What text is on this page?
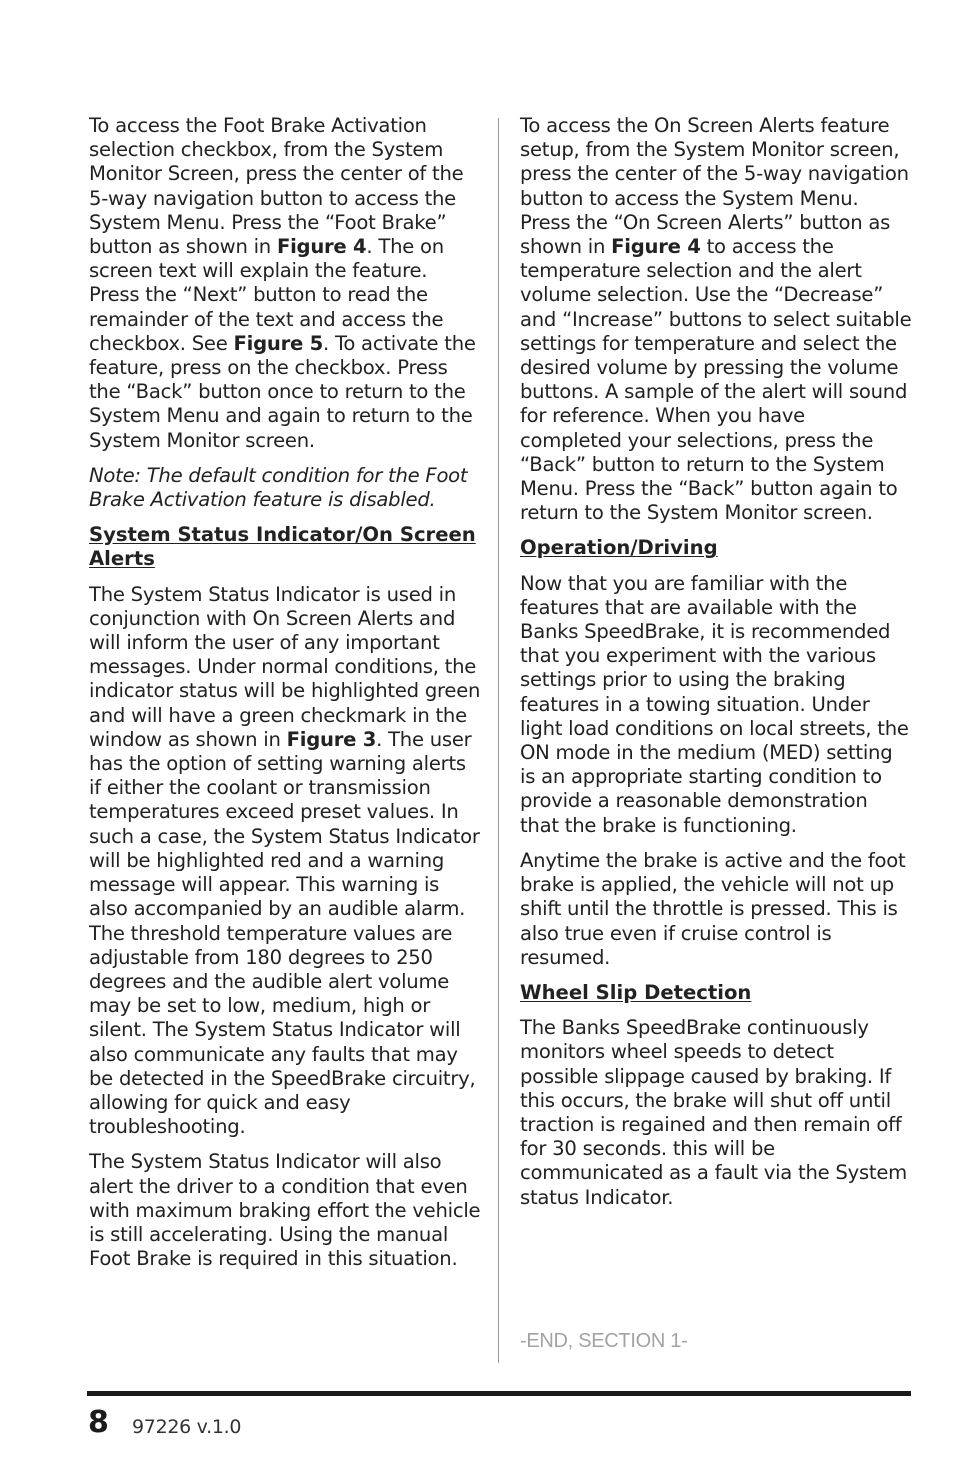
To access the Foot Brake Activation selection checkbox, from the System Monitor Screen, press the center of the 5-way navigation button to access the System Menu. Press the “Foot Brake” button as shown in Figure 4. The on screen text will explain the feature. Press the “Next” button to read the remainder of the text and access the checkbox. See Figure 5. To activate the feature, press on the checkbox. Press the “Back” button once to return to the System Menu and again to return to the System Monitor screen.

Note: The default condition for the Foot Brake Activation feature is disabled.

System Status Indicator/On Screen Alerts

The System Status Indicator is used in conjunction with On Screen Alerts and will inform the user of any important messages. Under normal conditions, the indicator status will be highlighted green and will have a green checkmark in the window as shown in Figure 3. The user has the option of setting warning alerts if either the coolant or transmission temperatures exceed preset values. In such a case, the System Status Indicator will be highlighted red and a warning message will appear. This warning is also accompanied by an audible alarm. The threshold temperature values are adjustable from 180 degrees to 250 degrees and the audible alert volume may be set to low, medium, high or silent. The System Status Indicator will also communicate any faults that may be detected in the SpeedBrake circuitry, allowing for quick and easy troubleshooting.

The System Status Indicator will also alert the driver to a condition that even with maximum braking effort the vehicle is still accelerating. Using the manual Foot Brake is required in this situation.

To access the On Screen Alerts feature setup, from the System Monitor screen, press the center of the 5-way navigation button to access the System Menu. Press the “On Screen Alerts” button as shown in Figure 4 to access the temperature selection and the alert volume selection. Use the “Decrease” and “Increase” buttons to select suitable settings for temperature and select the desired volume by pressing the volume buttons. A sample of the alert will sound for reference. When you have completed your selections, press the “Back” button to return to the System Menu. Press the “Back” button again to return to the System Monitor screen.

Operation/Driving

Now that you are familiar with the features that are available with the Banks SpeedBrake, it is recommended that you experiment with the various settings prior to using the braking features in a towing situation. Under light load conditions on local streets, the ON mode in the medium (MED) setting is an appropriate starting condition to provide a reasonable demonstration that the brake is functioning.

Anytime the brake is active and the foot brake is applied, the vehicle will not up shift until the throttle is pressed. This is also true even if cruise control is resumed.

Wheel Slip Detection

The Banks SpeedBrake continuously monitors wheel speeds to detect possible slippage caused by braking. If this occurs, the brake will shut off until traction is regained and then remain off for 30 seconds. this will be communicated as a fault via the System status Indicator.

-END, SECTION 1-
8 97226 v.1.0
